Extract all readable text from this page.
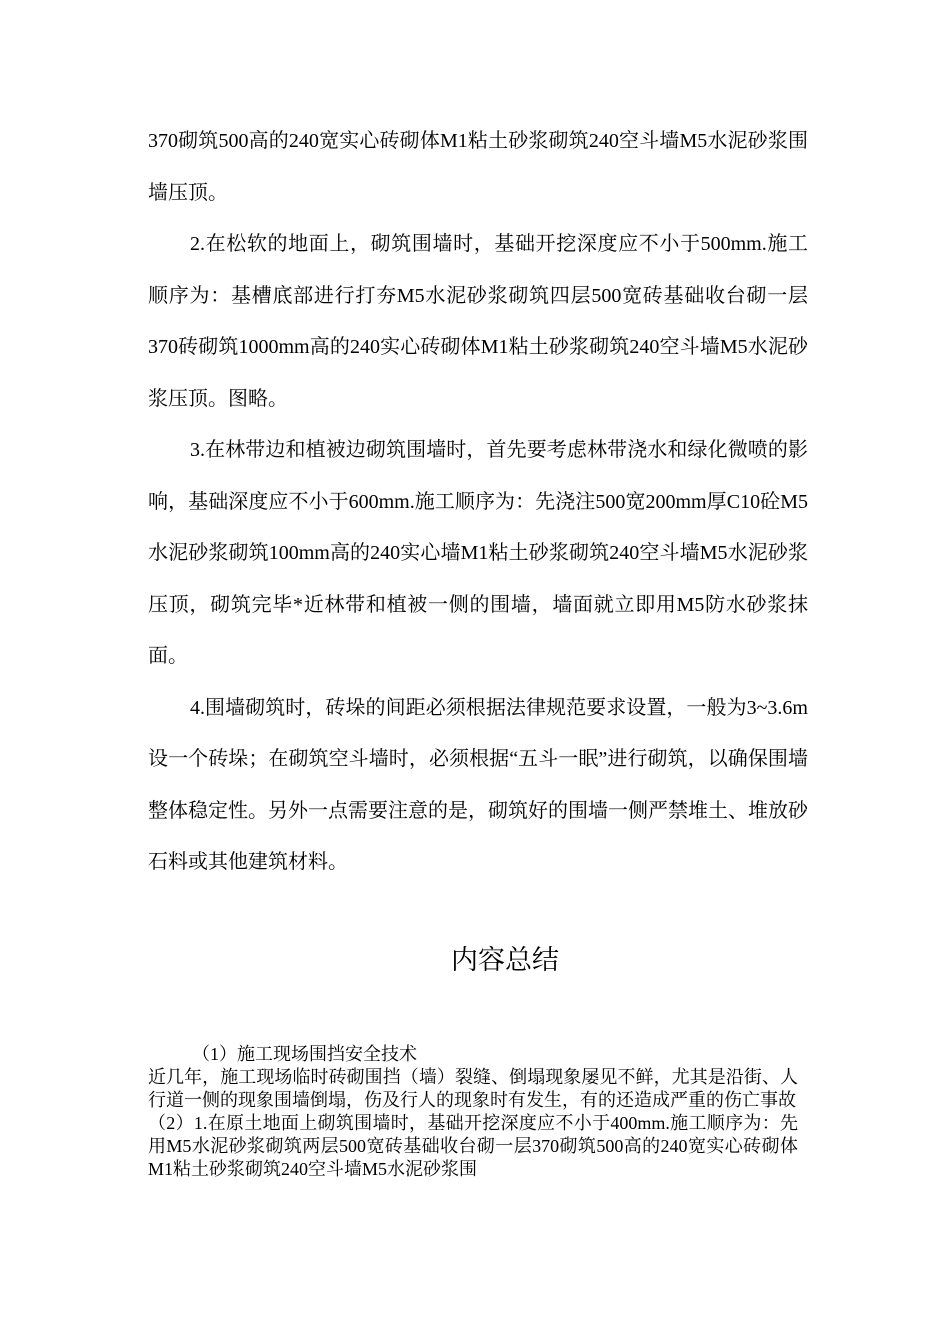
370砌筑500高的240宽实心砖砌体M1粘土砂浆砌筑240空斗墙M5水泥砂浆围墙压顶。

2.在松软的地面上，砌筑围墙时，基础开挖深度应不小于500mm.施工顺序为：基槽底部进行打夯M5水泥砂浆砌筑四层500宽砖基础收台砌一层370砖砌筑1000mm高的240实心砖砌体M1粘土砂浆砌筑240空斗墙M5水泥砂浆压顶。图略。

3.在林带边和植被边砌筑围墙时，首先要考虑林带浇水和绿化微喷的影响，基础深度应不小于600mm.施工顺序为：先浇注500宽200mm厚C10砼M5水泥砂浆砌筑100mm高的240实心墙M1粘土砂浆砌筑240空斗墙M5水泥砂浆压顶，砌筑完毕*近林带和植被一侧的围墙，墙面就立即用M5防水砂浆抹面。

4.围墙砌筑时，砖垛的间距必须根据法律规范要求设置，一般为3~3.6m设一个砖垛；在砌筑空斗墙时，必须根据“五斗一眠”进行砌筑，以确保围墙整体稳定性。另外一点需要注意的是，砌筑好的围墙一侧严禁堆土、堆放砂石料或其他建筑材料。

内容总结

（1）施工现场围挡安全技术

近几年，施工现场临时砖砌围挡（墙）裂缝、倒塌现象屡见不鲜，尤其是沿街、人行道一侧的现象围墙倒塌，伤及行人的现象时有发生，有的还造成严重的伤亡事故

（2）1.在原土地面上砌筑围墙时，基础开挖深度应不小于400mm.施工顺序为：先用M5水泥砂浆砌筑两层500宽砖基础收台砌一层370砌筑500高的240宽实心砖砌体M1粘土砂浆砌筑240空斗墙M5水泥砂浆围
